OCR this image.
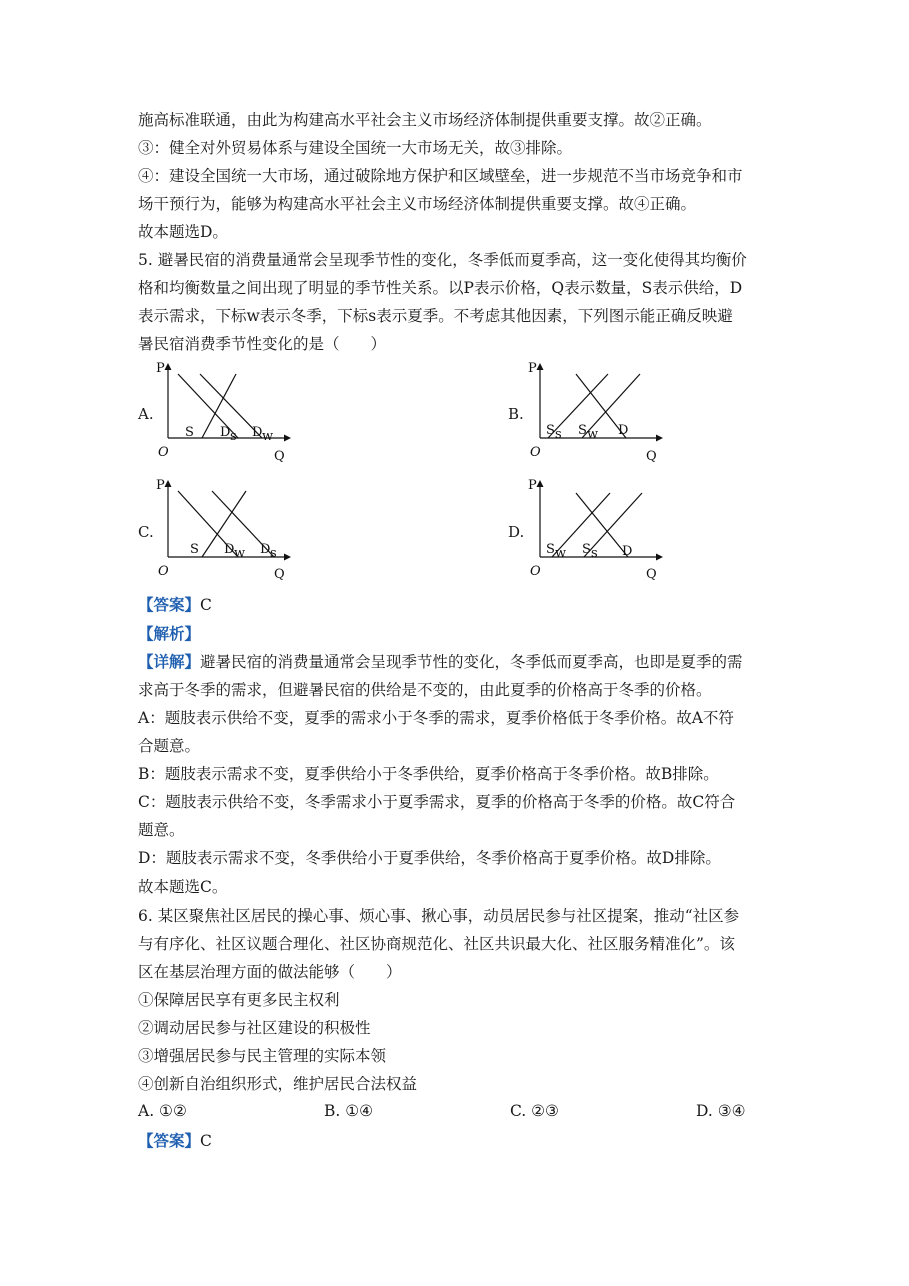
施高标准联通，由此为构建高水平社会主义市场经济体制提供重要支撑。故②正确。
③：健全对外贸易体系与建设全国统一大市场无关，故③排除。
④：建设全国统一大市场，通过破除地方保护和区域壁垒，进一步规范不当市场竞争和市
场干预行为，能够为构建高水平社会主义市场经济体制提供重要支撑。故④正确。
故本题选D。
5. 避暑民宿的消费量通常会呈现季节性的变化，冬季低而夏季高，这一变化使得其均衡价
格和均衡数量之间出现了明显的季节性关系。以P表示价格，Q表示数量，S表示供给，D
表示需求，下标w表示冬季，下标s表示夏季。不考虑其他因素，下列图示能正确反映避
暑民宿消费季节性变化的是（　　）
A.
P
Q
O
S D s D w
B.
P
Q
O
S s S w D
C.
P
Q
O
S D w D s
D.
P
Q
O
S w S s D
【答案】C
【解析】
【详解】避暑民宿的消费量通常会呈现季节性的变化，冬季低而夏季高，也即是夏季的需
求高于冬季的需求，但避暑民宿的供给是不变的，由此夏季的价格高于冬季的价格。
A：题肢表示供给不变，夏季的需求小于冬季的需求，夏季价格低于冬季价格。故A不符
合题意。
B：题肢表示需求不变，夏季供给小于冬季供给，夏季价格高于冬季价格。故B排除。
C：题肢表示供给不变，冬季需求小于夏季需求，夏季的价格高于冬季的价格。故C符合
题意。
D：题肢表示需求不变，冬季供给小于夏季供给，冬季价格高于夏季价格。故D排除。
故本题选C。
6. 某区聚焦社区居民的操心事、烦心事、揪心事，动员居民参与社区提案，推动“社区参
与有序化、社区议题合理化、社区协商规范化、社区共识最大化、社区服务精准化”。该
区在基层治理方面的做法能够（　　）
①保障居民享有更多民主权利
②调动居民参与社区建设的积极性
③增强居民参与民主管理的实际本领
④创新自治组织形式，维护居民合法权益
A. ①②	B. ①④	C. ②③	D. ③④
【答案】C
